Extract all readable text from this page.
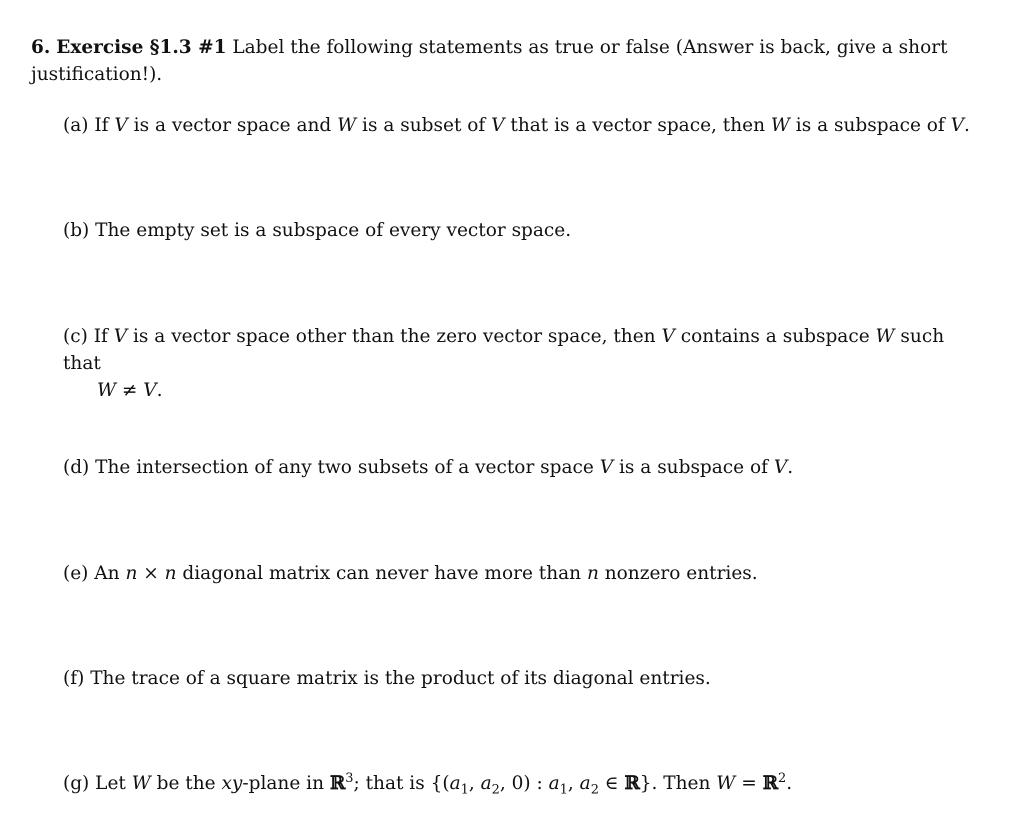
6. Exercise §1.3 #1 Label the following statements as true or false (Answer is back, give a short justification!).
(a) If V is a vector space and W is a subset of V that is a vector space, then W is a subspace of V.
(b) The empty set is a subspace of every vector space.
(c) If V is a vector space other than the zero vector space, then V contains a subspace W such that
W ≠ V.
(d) The intersection of any two subsets of a vector space V is a subspace of V.
(e) An n × n diagonal matrix can never have more than n nonzero entries.
(f) The trace of a square matrix is the product of its diagonal entries.
(g) Let W be the xy-plane in ℝ$^3$; that is {($a_1$, $a_2$, 0) : $a_1$, $a_2$ ∈ ℝ}. Then W = ℝ$^2$.
